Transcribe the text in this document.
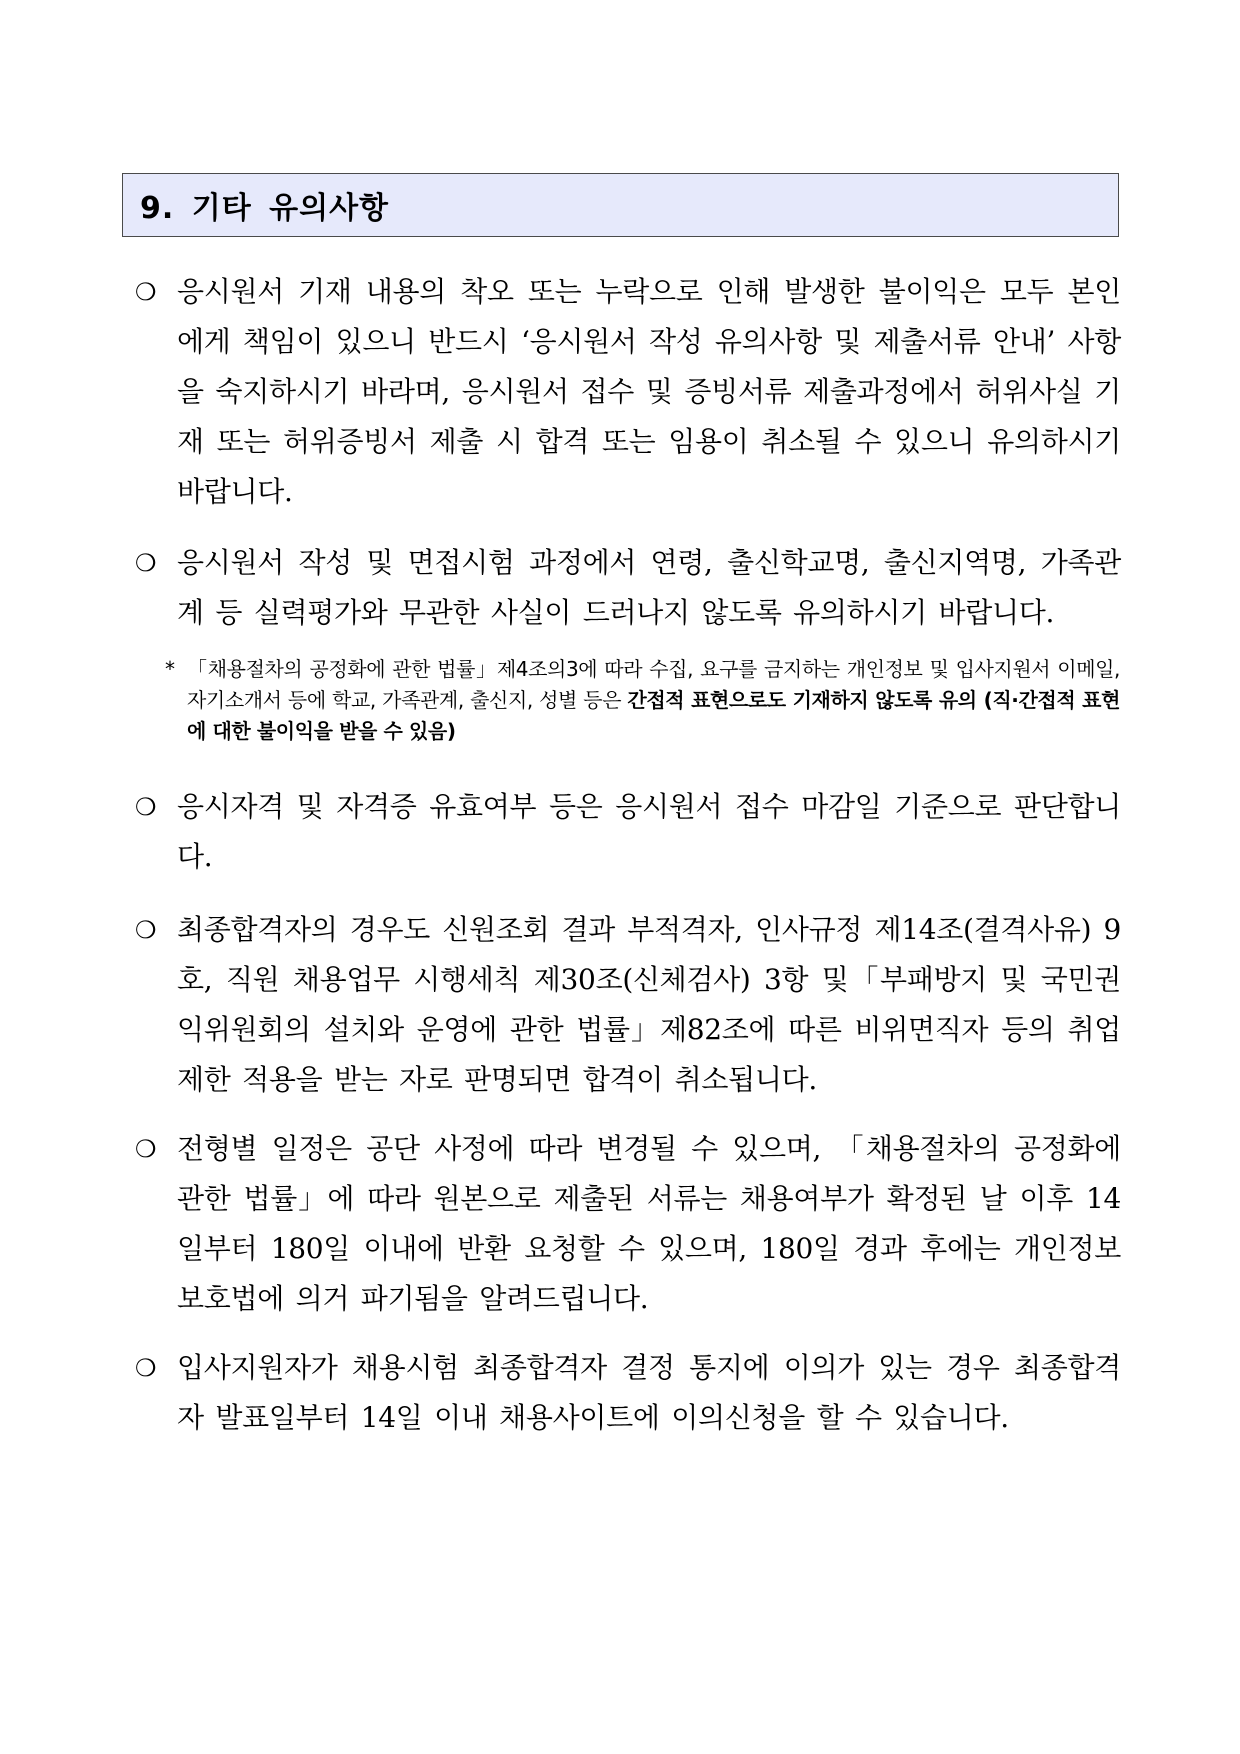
9. 기타 유의사항
❍ 응시원서 기재 내용의 착오 또는 누락으로 인해 발생한 불이익은 모두 본인에게 책임이 있으니 반드시 ‘응시원서 작성 유의사항 및 제출서류 안내’ 사항을 숙지하시기 바라며, 응시원서 접수 및 증빙서류 제출과정에서 허위사실 기재 또는 허위증빙서 제출 시 합격 또는 임용이 취소될 수 있으니 유의하시기 바랍니다.
❍ 응시원서 작성 및 면접시험 과정에서 연령, 출신학교명, 출신지역명, 가족관계 등 실력평가와 무관한 사실이 드러나지 않도록 유의하시기 바랍니다.
* 「채용절차의 공정화에 관한 법률」제4조의3에 따라 수집, 요구를 금지하는 개인정보 및 입사지원서 이메일, 자기소개서 등에 학교, 가족관계, 출신지, 성별 등은 간접적 표현으로도 기재하지 않도록 유의 (직·간접적 표현에 대한 불이익을 받을 수 있음)
❍ 응시자격 및 자격증 유효여부 등은 응시원서 접수 마감일 기준으로 판단합니다.
❍ 최종합격자의 경우도 신원조회 결과 부적격자, 인사규정 제14조(결격사유) 9호, 직원 채용업무 시행세칙 제30조(신체검사) 3항 및「부패방지 및 국민권익위원회의 설치와 운영에 관한 법률」제82조에 따른 비위면직자 등의 취업제한 적용을 받는 자로 판명되면 합격이 취소됩니다.
❍ 전형별 일정은 공단 사정에 따라 변경될 수 있으며, 「채용절차의 공정화에 관한 법률」에 따라 원본으로 제출된 서류는 채용여부가 확정된 날 이후 14일부터 180일 이내에 반환 요청할 수 있으며, 180일 경과 후에는 개인정보보호법에 의거 파기됨을 알려드립니다.
❍ 입사지원자가 채용시험 최종합격자 결정 통지에 이의가 있는 경우 최종합격자 발표일부터 14일 이내 채용사이트에 이의신청을 할 수 있습니다.
